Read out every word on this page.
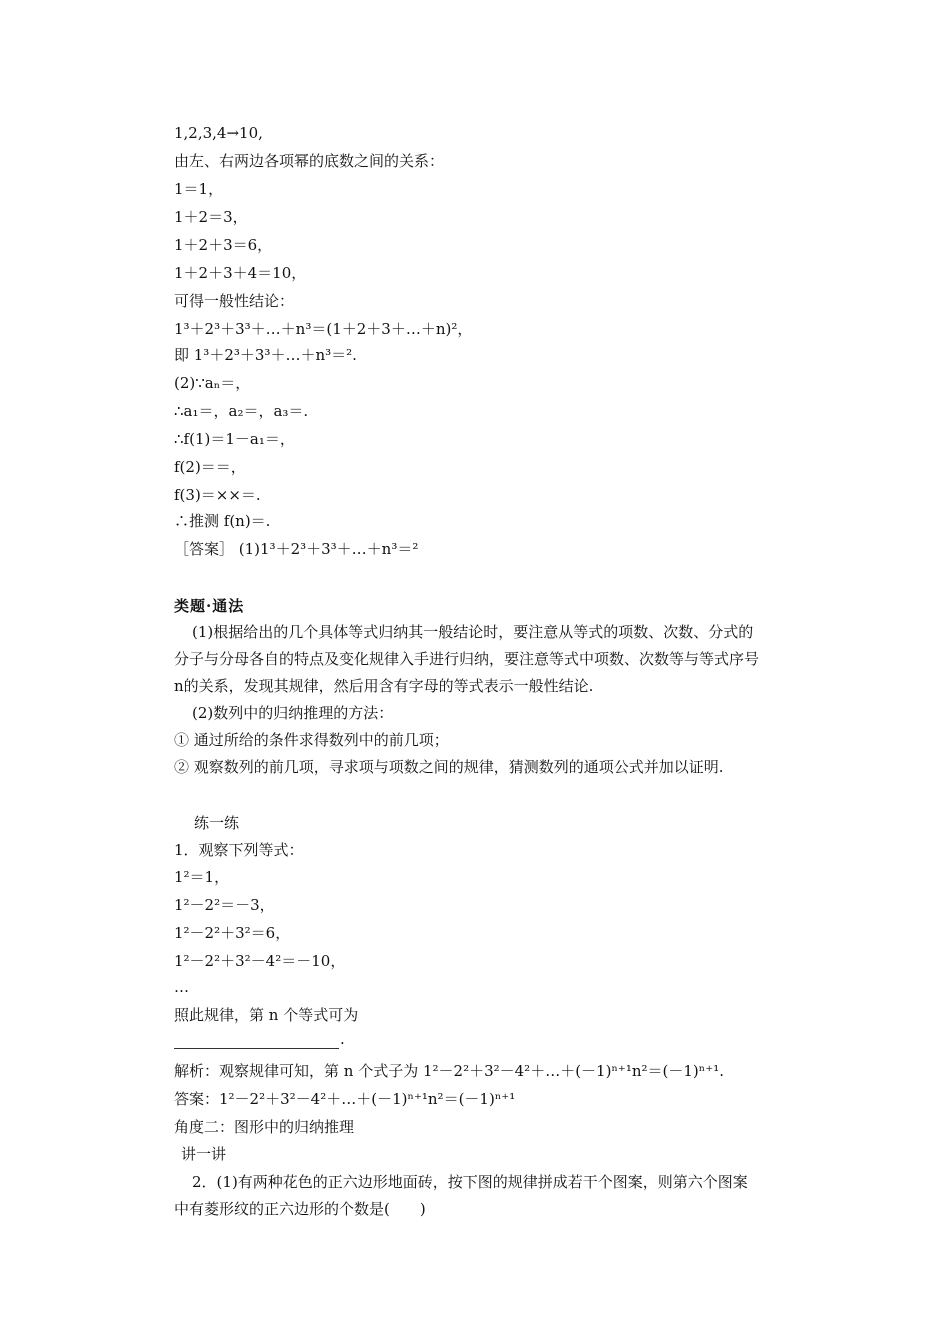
1,2,3,4→10,
由左、右两边各项幂的底数之间的关系：
1＝1，
1＋2＝3，
1＋2＋3＝6，
1＋2＋3＋4＝10，
可得一般性结论：
1³＋2³＋3³＋…＋n³＝(1＋2＋3＋…＋n)²，
即 1³＋2³＋3³＋…＋n³＝².
(2)∵aₙ＝，
∴a₁＝，a₂＝，a₃＝.
∴f(1)＝1－a₁＝，
f(2)＝＝，
f(3)＝××＝.
∴推测 f(n)＝.
［答案］ (1)1³＋2³＋3³＋…＋n³＝²
类题·通法
(1)根据给出的几个具体等式归纳其一般结论时，要注意从等式的项数、次数、分式的
分子与分母各自的特点及变化规律入手进行归纳，要注意等式中项数、次数等与等式序号
n的关系，发现其规律，然后用含有字母的等式表示一般性结论.
(2)数列中的归纳推理的方法：
① 通过所给的条件求得数列中的前几项；
② 观察数列的前几项，寻求项与项数之间的规律，猜测数列的通项公式并加以证明.
练一练
1．观察下列等式：
1²＝1，
1²－2²＝－3，
1²－2²＋3²＝6，
1²－2²＋3²－4²＝－10，
…
照此规律，第 n 个等式可为
.
解析：观察规律可知，第 n 个式子为 1²－2²＋3²－4²＋…＋(－1)ⁿ⁺¹n²＝(－1)ⁿ⁺¹.
答案：1²－2²＋3²－4²＋…＋(－1)ⁿ⁺¹n²＝(－1)ⁿ⁺¹
角度二：图形中的归纳推理
讲一讲
2．(1)有两种花色的正六边形地面砖，按下图的规律拼成若干个图案，则第六个图案
中有菱形纹的正六边形的个数是(　　)
